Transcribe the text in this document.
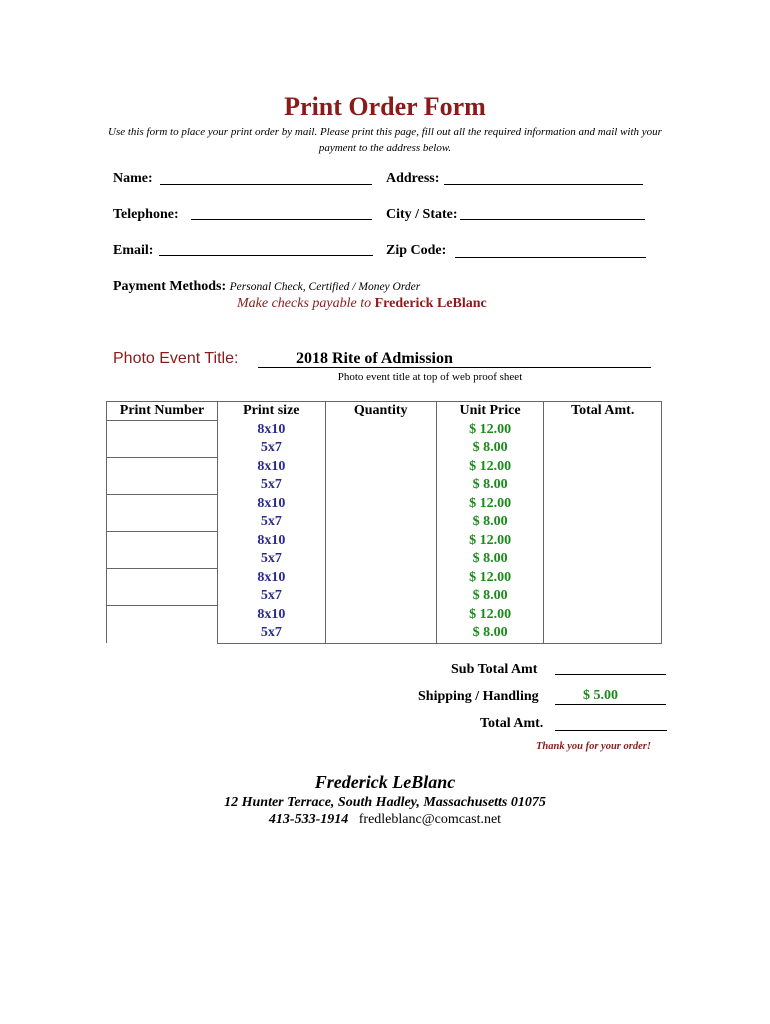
Print Order Form
Use this form to place your print order by mail. Please print this page, fill out all the required information and mail with your payment to the address below.
Name:	Address:
Telephone:	City / State:
Email:	Zip Code:
Payment Methods: Personal Check, Certified / Money Order
Make checks payable to Frederick LeBlanc
Photo Event Title:	2018 Rite of Admission
Photo event title at top of web proof sheet
Print Number	Print size	Quantity	Unit Price	Total Amt.
	8x10		$ 12.00	
	5x7		$ 8.00	
	8x10		$ 12.00	
	5x7		$ 8.00	
	8x10		$ 12.00	
	5x7		$ 8.00	
	8x10		$ 12.00	
	5x7		$ 8.00	
	8x10		$ 12.00	
	5x7		$ 8.00	
	8x10		$ 12.00	
	5x7		$ 8.00	
Sub Total Amt
Shipping / Handling	$ 5.00
Total Amt.
Thank you for your order!
Frederick LeBlanc
12 Hunter Terrace, South Hadley, Massachusetts 01075
413-533-1914 fredleblanc@comcast.net
